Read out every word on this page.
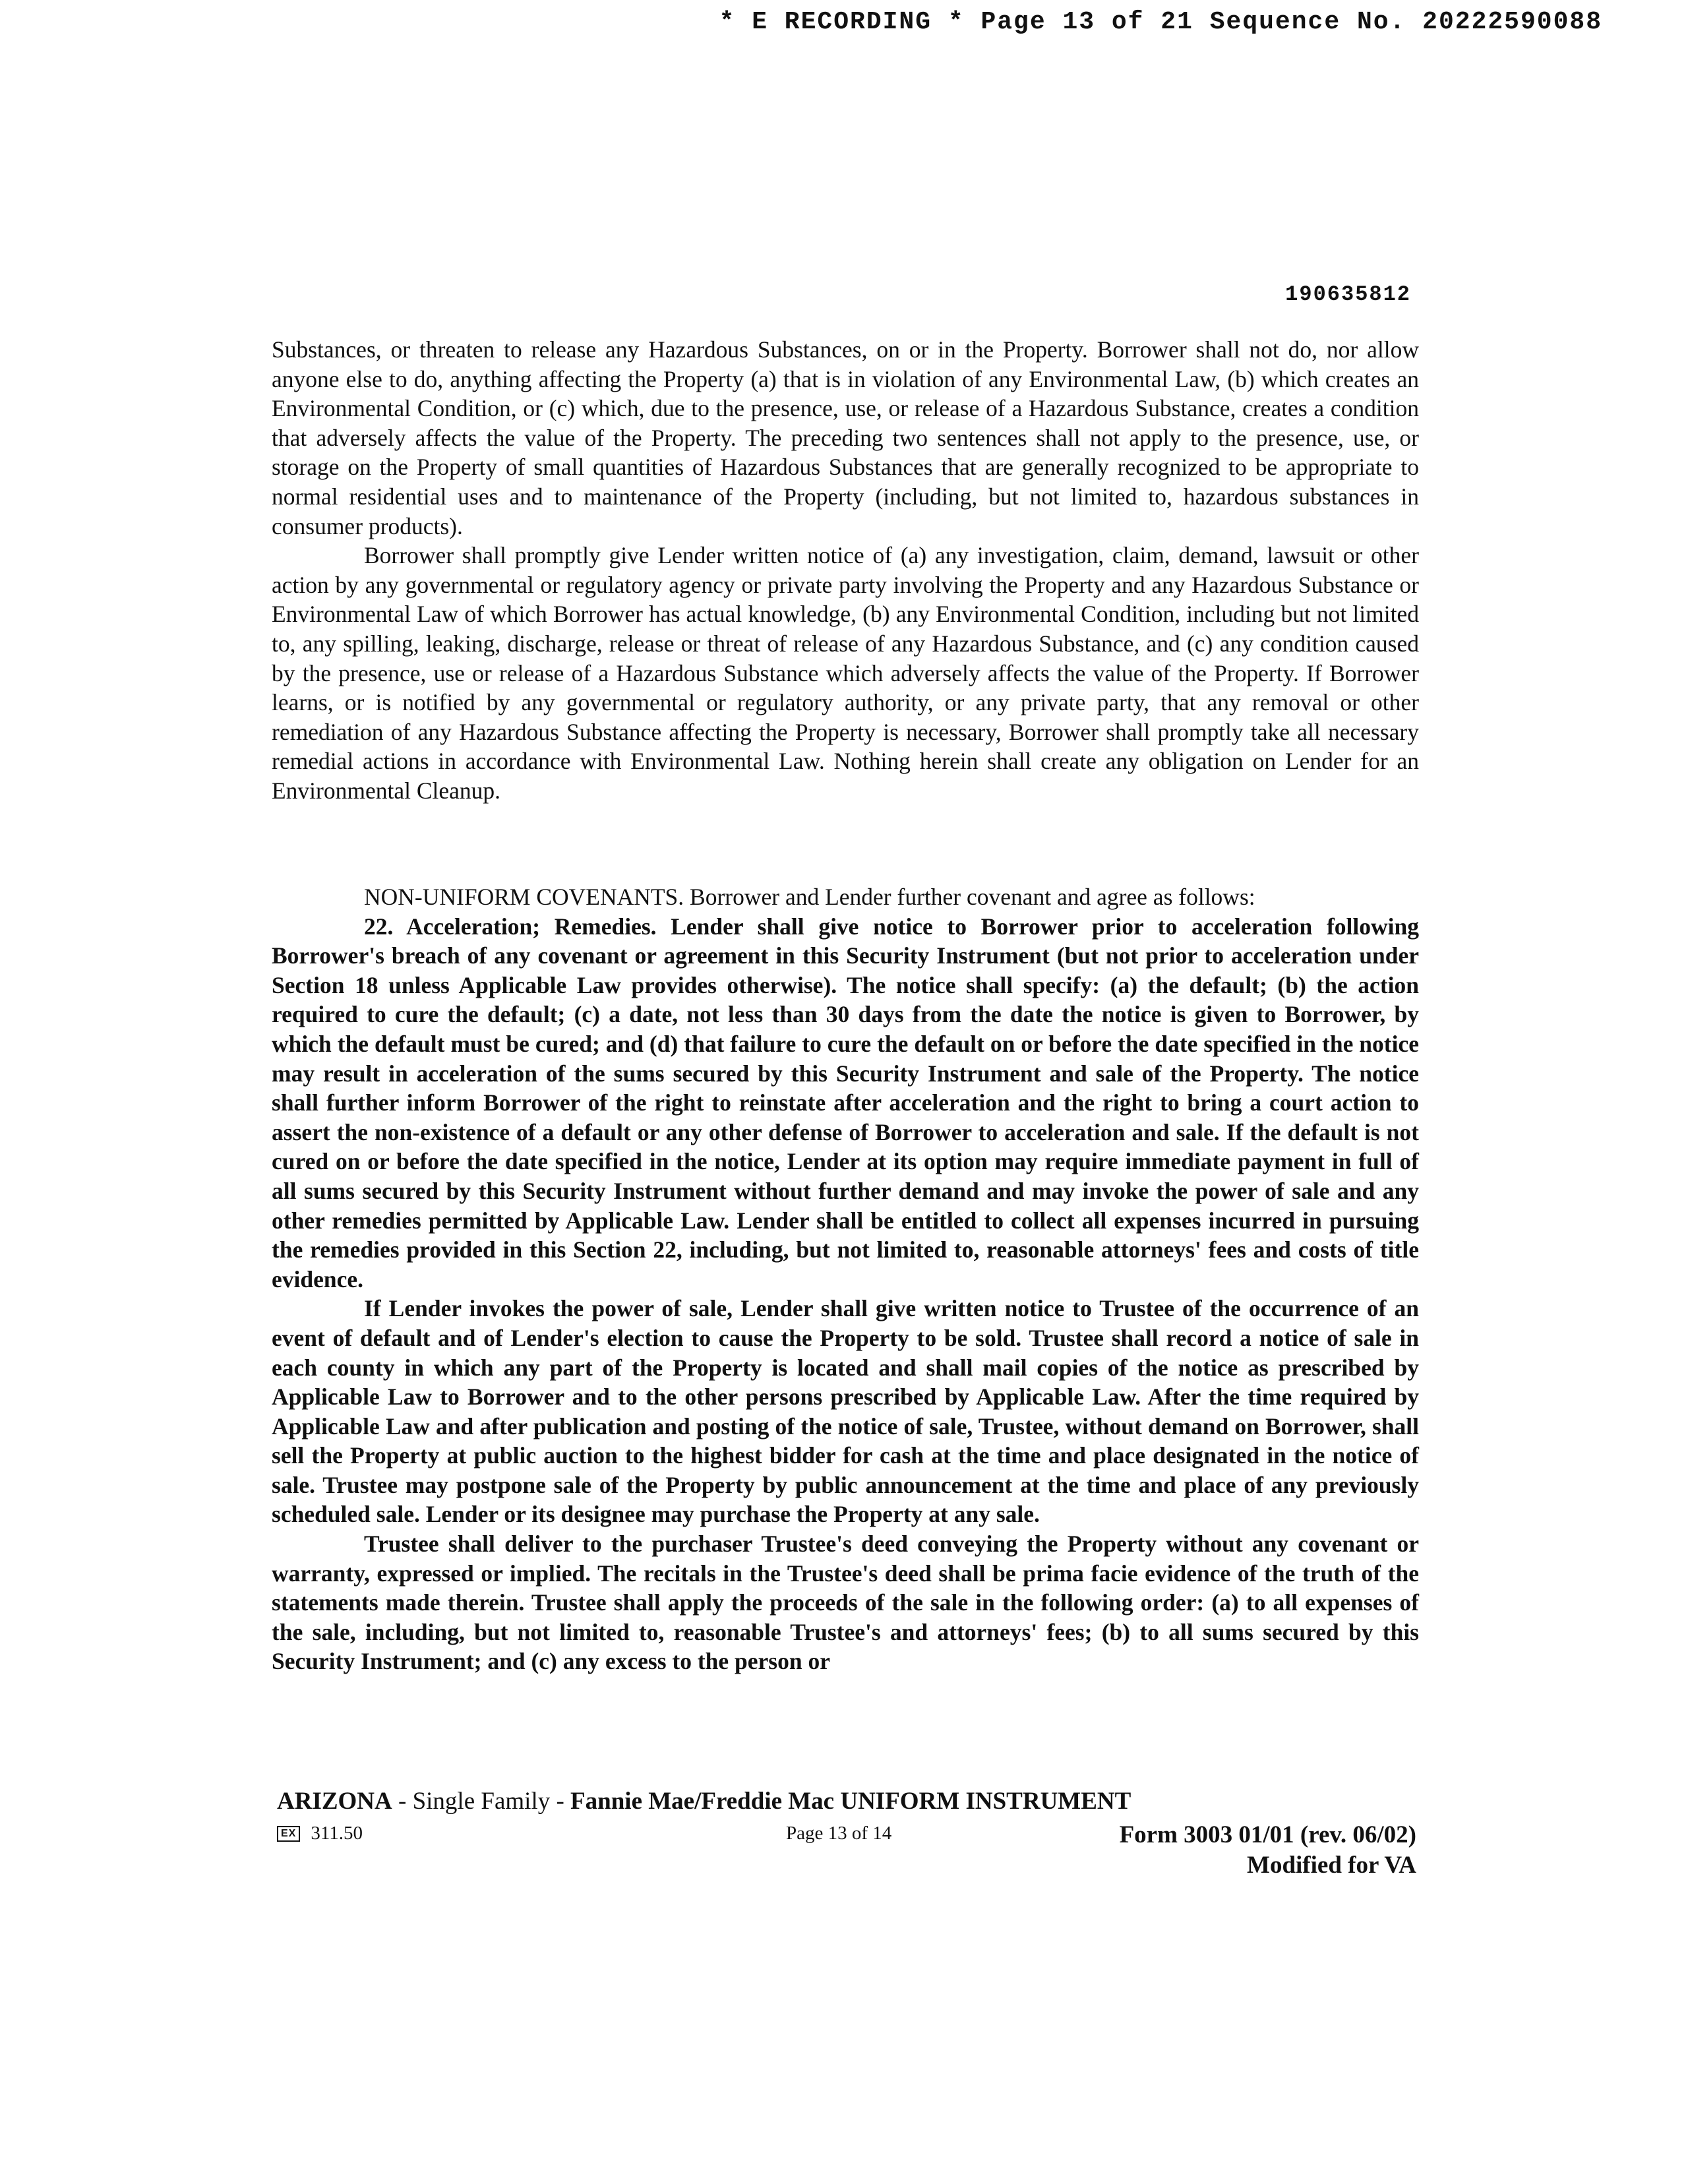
* E RECORDING * Page 13 of 21 Sequence No. 20222590088
190635812

Substances, or threaten to release any Hazardous Substances, on or in the Property. Borrower shall not do, nor allow anyone else to do, anything affecting the Property (a) that is in violation of any Environmental Law, (b) which creates an Environmental Condition, or (c) which, due to the presence, use, or release of a Hazardous Substance, creates a condition that adversely affects the value of the Property. The preceding two sentences shall not apply to the presence, use, or storage on the Property of small quantities of Hazardous Substances that are generally recognized to be appropriate to normal residential uses and to maintenance of the Property (including, but not limited to, hazardous substances in consumer products).

Borrower shall promptly give Lender written notice of (a) any investigation, claim, demand, lawsuit or other action by any governmental or regulatory agency or private party involving the Property and any Hazardous Substance or Environmental Law of which Borrower has actual knowledge, (b) any Environmental Condition, including but not limited to, any spilling, leaking, discharge, release or threat of release of any Hazardous Substance, and (c) any condition caused by the presence, use or release of a Hazardous Substance which adversely affects the value of the Property. If Borrower learns, or is notified by any governmental or regulatory authority, or any private party, that any removal or other remediation of any Hazardous Substance affecting the Property is necessary, Borrower shall promptly take all necessary remedial actions in accordance with Environmental Law. Nothing herein shall create any obligation on Lender for an Environmental Cleanup.

NON-UNIFORM COVENANTS. Borrower and Lender further covenant and agree as follows:

22. Acceleration; Remedies. Lender shall give notice to Borrower prior to acceleration following Borrower's breach of any covenant or agreement in this Security Instrument (but not prior to acceleration under Section 18 unless Applicable Law provides otherwise). The notice shall specify: (a) the default; (b) the action required to cure the default; (c) a date, not less than 30 days from the date the notice is given to Borrower, by which the default must be cured; and (d) that failure to cure the default on or before the date specified in the notice may result in acceleration of the sums secured by this Security Instrument and sale of the Property. The notice shall further inform Borrower of the right to reinstate after acceleration and the right to bring a court action to assert the non-existence of a default or any other defense of Borrower to acceleration and sale. If the default is not cured on or before the date specified in the notice, Lender at its option may require immediate payment in full of all sums secured by this Security Instrument without further demand and may invoke the power of sale and any other remedies permitted by Applicable Law. Lender shall be entitled to collect all expenses incurred in pursuing the remedies provided in this Section 22, including, but not limited to, reasonable attorneys' fees and costs of title evidence.

If Lender invokes the power of sale, Lender shall give written notice to Trustee of the occurrence of an event of default and of Lender's election to cause the Property to be sold. Trustee shall record a notice of sale in each county in which any part of the Property is located and shall mail copies of the notice as prescribed by Applicable Law to Borrower and to the other persons prescribed by Applicable Law. After the time required by Applicable Law and after publication and posting of the notice of sale, Trustee, without demand on Borrower, shall sell the Property at public auction to the highest bidder for cash at the time and place designated in the notice of sale. Trustee may postpone sale of the Property by public announcement at the time and place of any previously scheduled sale. Lender or its designee may purchase the Property at any sale.

Trustee shall deliver to the purchaser Trustee's deed conveying the Property without any covenant or warranty, expressed or implied. The recitals in the Trustee's deed shall be prima facie evidence of the truth of the statements made therein. Trustee shall apply the proceeds of the sale in the following order: (a) to all expenses of the sale, including, but not limited to, reasonable Trustee's and attorneys' fees; (b) to all sums secured by this Security Instrument; and (c) any excess to the person or

ARIZONA - Single Family - Fannie Mae/Freddie Mac UNIFORM INSTRUMENT
EX 311.50	Page 13 of 14	Form 3003 01/01 (rev. 06/02)
Modified for VA
